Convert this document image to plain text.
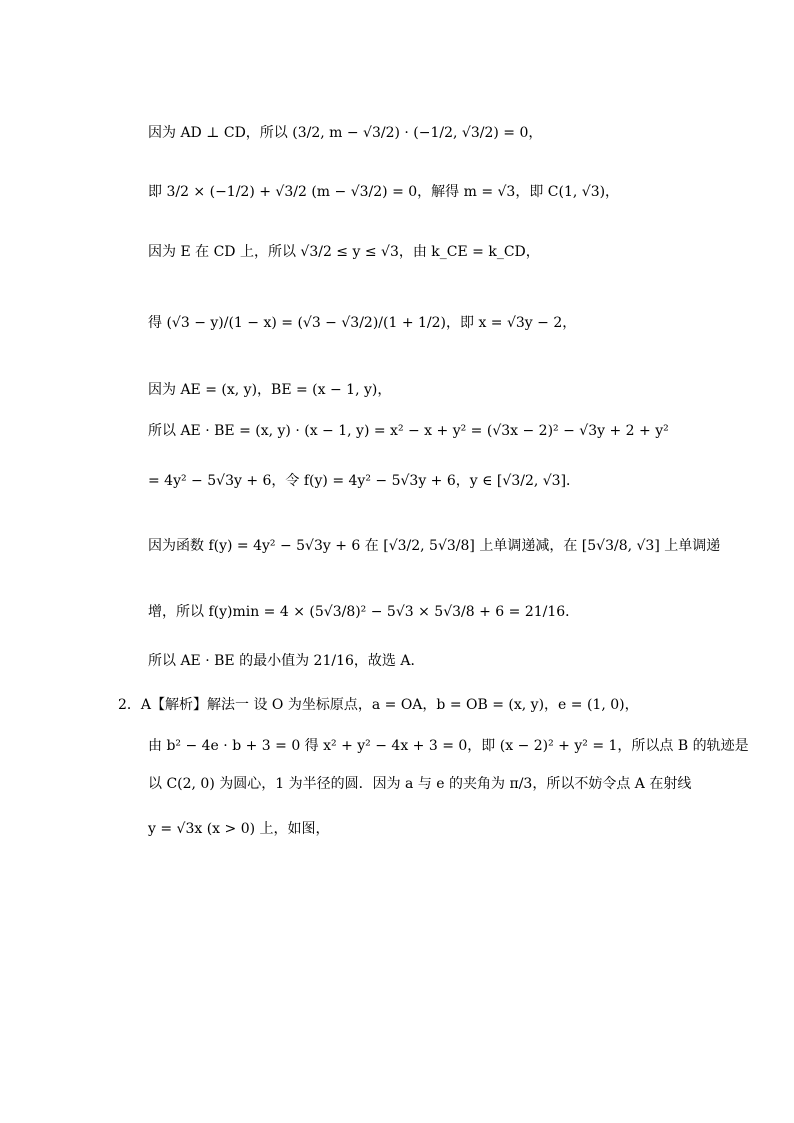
因为 AD ⊥ CD，所以 (3/2, m − √3/2) · (−1/2, √3/2) = 0，
即 3/2 × (−1/2) + √3/2 (m − √3/2) = 0，解得 m = √3，即 C(1, √3)，
因为 E 在 CD 上，所以 √3/2 ≤ y ≤ √3，由 k_CE = k_CD，
得 (√3 − y)/(1 − x) = (√3 − √3/2)/(1 + 1/2)，即 x = √3y − 2，
因为 AE = (x, y)，BE = (x − 1, y)，
所以 AE · BE = (x, y) · (x − 1, y) = x² − x + y² = (√3x − 2)² − √3y + 2 + y²
= 4y² − 5√3y + 6，令 f(y) = 4y² − 5√3y + 6，y ∈ [√3/2, √3]．
因为函数 f(y) = 4y² − 5√3y + 6 在 [√3/2, 5√3/8] 上单调递减，在 [5√3/8, √3] 上单调递
增，所以 f(y)min = 4 × (5√3/8)² − 5√3 × 5√3/8 + 6 = 21/16．
所以 AE · BE 的最小值为 21/16，故选 A．
2．A【解析】解法一 设 O 为坐标原点，a = OA，b = OB = (x, y)，e = (1, 0)，
由 b² − 4e · b + 3 = 0 得 x² + y² − 4x + 3 = 0，即 (x − 2)² + y² = 1，所以点 B 的轨迹是
以 C(2, 0) 为圆心，1 为半径的圆．因为 a 与 e 的夹角为 π/3，所以不妨令点 A 在射线
y = √3x (x > 0) 上，如图，
